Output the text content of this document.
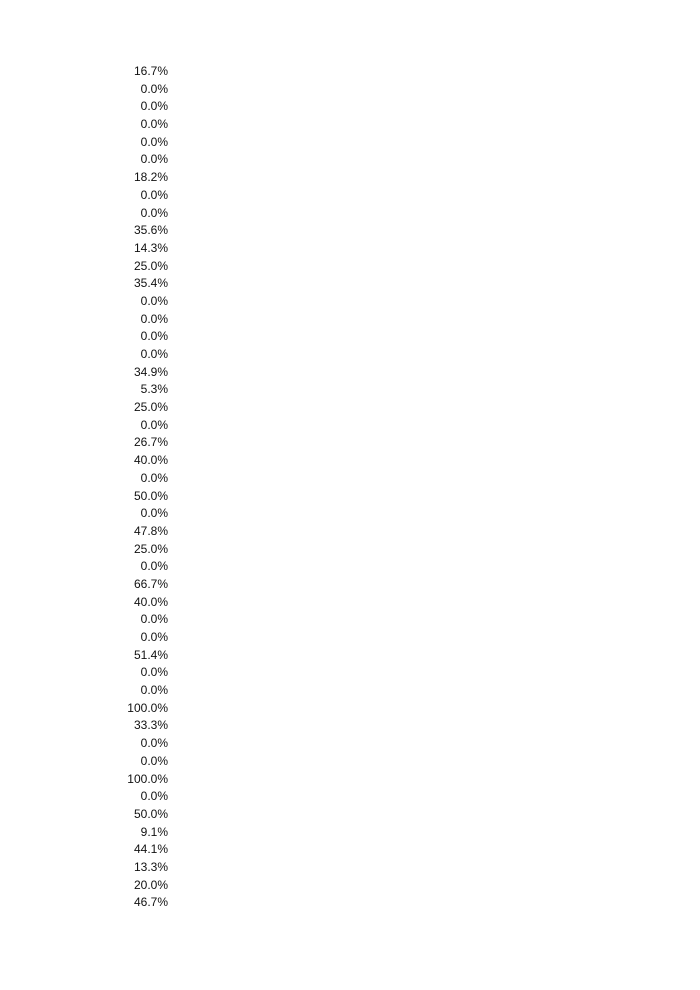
16.7%
0.0%
0.0%
0.0%
0.0%
0.0%
18.2%
0.0%
0.0%
35.6%
14.3%
25.0%
35.4%
0.0%
0.0%
0.0%
0.0%
34.9%
5.3%
25.0%
0.0%
26.7%
40.0%
0.0%
50.0%
0.0%
47.8%
25.0%
0.0%
66.7%
40.0%
0.0%
0.0%
51.4%
0.0%
0.0%
100.0%
33.3%
0.0%
0.0%
100.0%
0.0%
50.0%
9.1%
44.1%
13.3%
20.0%
46.7%
